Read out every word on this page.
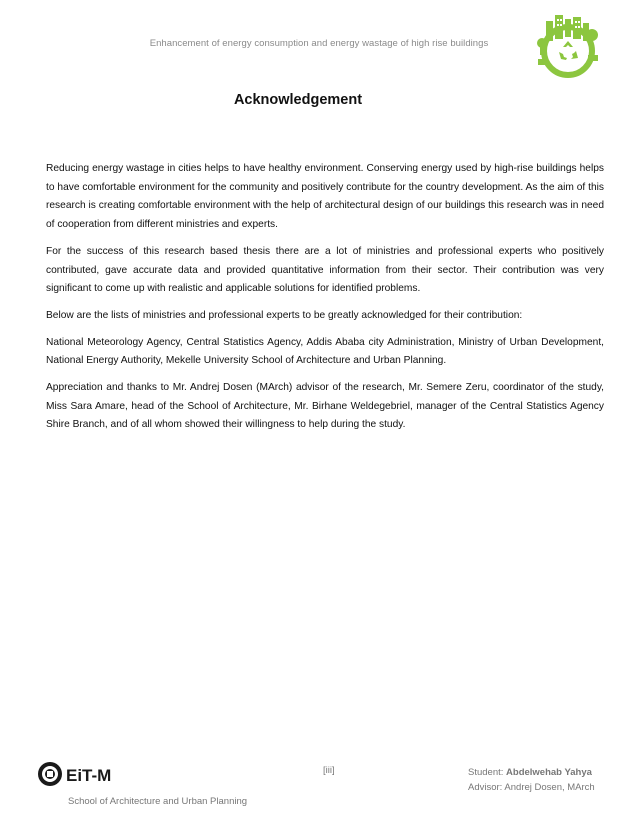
Enhancement of energy consumption and energy wastage of high rise buildings
Acknowledgement

Reducing energy wastage in cities helps to have healthy environment. Conserving energy used by high-rise buildings helps to have comfortable environment for the community and positively contribute for the country development. As the aim of this research is creating comfortable environment with the help of architectural design of our buildings this research was in need of cooperation from different ministries and experts.

For the success of this research based thesis there are a lot of ministries and professional experts who positively contributed, gave accurate data and provided quantitative information from their sector. Their contribution was very significant to come up with realistic and applicable solutions for identified problems.

Below are the lists of ministries and professional experts to be greatly acknowledged for their contribution:

National Meteorology Agency, Central Statistics Agency, Addis Ababa city Administration, Ministry of Urban Development, National Energy Authority, Mekelle University School of Architecture and Urban Planning.

Appreciation and thanks to Mr. Andrej Dosen (MArch) advisor of the research, Mr. Semere Zeru, coordinator of the study, Miss Sara Amare, head of the School of Architecture, Mr. Birhane Weldegebriel, manager of the Central Statistics Agency Shire Branch, and of all whom showed their willingness to help during the study.

EiT-M
School of Architecture and Urban Planning
[iii]	Student: Abdelwehab Yahya
Advisor: Andrej Dosen, MArch
